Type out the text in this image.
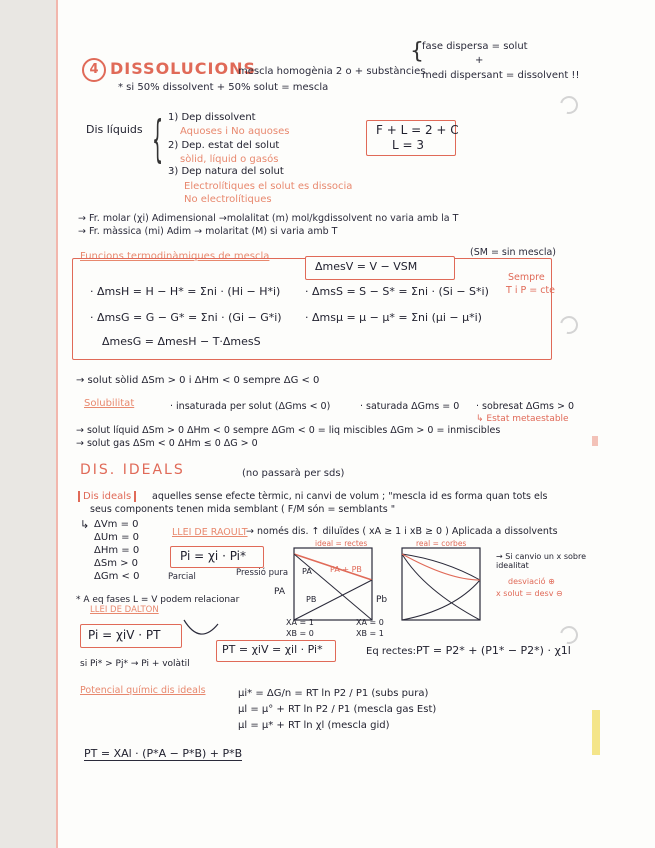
4 DISSOLUCIONS
mescla homogènia 2 o + substàncies
{
fase dispersa = solut
+
medi dispersant = dissolvent !!
* si 50% dissolvent + 50% solut = mescla
Dis líquids { 1) Dep dissolvent
Aquoses i No aquoses
2) Dep. estat del solut
sòlid, líquid o gasós
3) Dep natura del solut
Electrolítiques el solut es dissocia
No electrolítiques
F + L = 2 + C
L = 3
→ Fr. molar (χi) Adimensional →molalitat (m) mol/kgdissolvent no varia amb la T
→ Fr. màssica (mi) Adim → molaritat (M) si varia amb T
Funcions termodinàmiques de mescla
ΔmesV = V − VSM
(SM = sin mescla)
Sempre
T i P = cte
· ΔmsH = H − H* = Σni · (Hi − H*i) · ΔmsS = S − S* = Σni · (Si − S*i)
· ΔmsG = G − G* = Σni · (Gi − G*i) · Δmsμ = μ − μ* = Σni (μi − μ*i)
ΔmesG = ΔmesH − T·ΔmesS
→ solut sòlid ΔSm > 0 i ΔHm < 0 sempre ΔG < 0
Solubilitat	· insaturada per solut (ΔGms < 0)	· saturada ΔGms = 0 · sobresat ΔGms > 0
↳ Estat metaestable
→ solut líquid ΔSm > 0 ΔHm < 0 sempre ΔGm < 0 = liq miscibles ΔGm > 0 = inmiscibles
→ solut gas ΔSm < 0 ΔHm ≤ 0 ΔG > 0
DIS. IDEALS	(no passarà per sds)
Dis ideals	aquelles sense efecte tèrmic, ni canvi de volum ; "mescla id es forma quan tots els
seus components tenen mida semblant ( F/M són = semblants "
↳ ΔVm = 0
ΔUm = 0
ΔHm = 0
ΔSm > 0
ΔGm < 0
LLEI DE RAOULT
→ només dis. ↑ diluïdes ( xA ≥ 1 i xB ≥ 0 ) Aplicada a dissolvents
Pi = χi · Pi*
Parcial	Pressió pura
ideal = rectes	real = corbes
PA PA + PB
PB
PA
Pb
XA = 1
XB = 0
XA = 0
XB = 1
→ Si canvio un x sobre idealitat
desviació ⊕
x solut = desv ⊖
* A eq fases L = V podem relacionar
LLEI DE DALTON
Pi = χiV · PT
PT = χiV = χil · Pi*
si Pi* > Pj* → Pi + volàtil
Eq rectes: PT = P2* + (P1* − P2*) · χ1l
Potencial químic dis ideals	μi* = ΔG/n = RT ln P2 / P1 (subs pura)
μl = μ° + RT ln P2 / P1 (mescla gas Est)
μl = μ* + RT ln χl (mescla gid)
PT = XAl · (P*A − P*B) + P*B
